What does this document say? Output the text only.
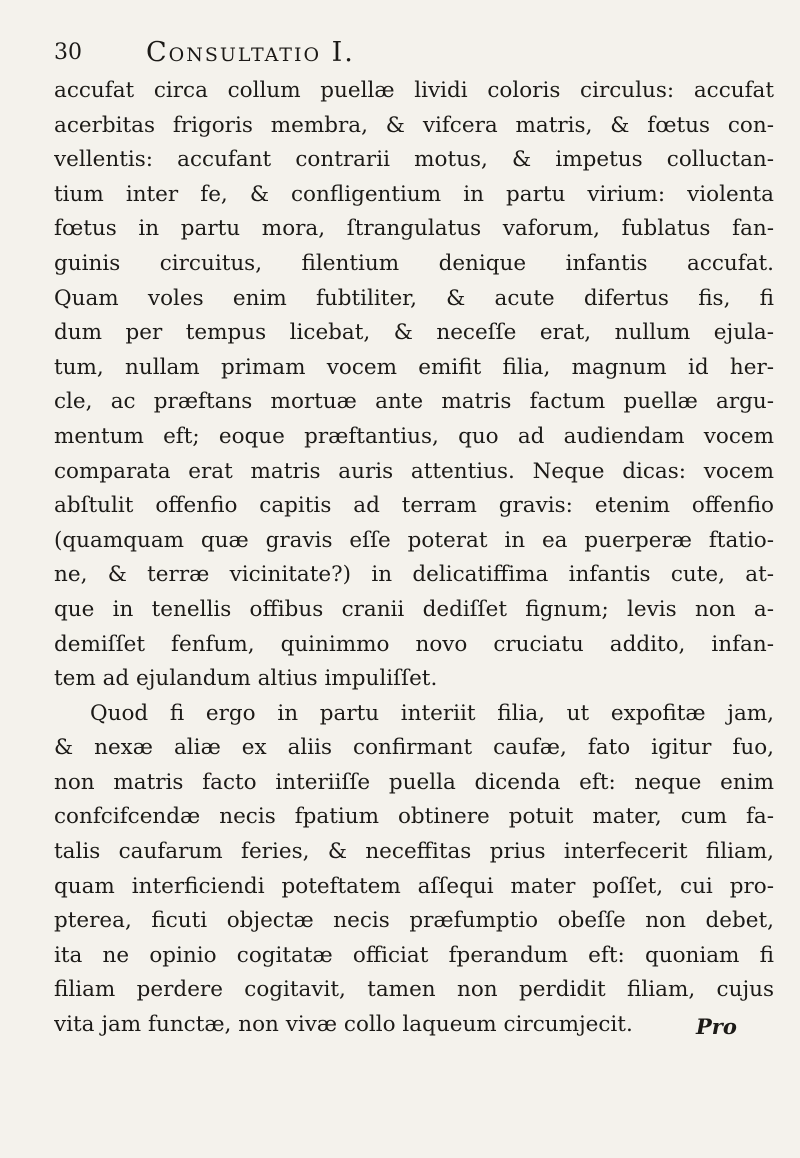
30 Consultatio I.
accufat circa collum puellæ lividi coloris circulus: accufat
acerbitas frigoris membra, & vifcera matris, & fœtus con-
vellentis: accufant contrarii motus, & impetus colluctan-
tium inter fe, & confligentium in partu virium: violenta
fœtus in partu mora, ſtrangulatus vaforum, fublatus fan-
guinis circuitus, filentium denique infantis accufat.
Quam voles enim fubtiliter, & acute difertus fis, fi
dum per tempus licebat, & neceſſe erat, nullum ejula-
tum, nullam primam vocem emifit filia, magnum id her-
cle, ac præftans mortuæ ante matris factum puellæ argu-
mentum eft; eoque præftantius, quo ad audiendam vocem
comparata erat matris auris attentius. Neque dicas: vocem
abſtulit offenfio capitis ad terram gravis: etenim offenfio
(quamquam quæ gravis eſſe poterat in ea puerperæ ftatio-
ne, & terræ vicinitate?) in delicatiffima infantis cute, at-
que in tenellis offibus cranii dediſſet fignum; levis non a-
demiſſet fenfum, quinimmo novo cruciatu addito, infan-
tem ad ejulandum altius impuliſſet.
Quod fi ergo in partu interiit filia, ut expofitæ jam,
& nexæ aliæ ex aliis confirmant caufæ, fato igitur fuo,
non matris facto interiiſſe puella dicenda eft: neque enim
confcifcendæ necis fpatium obtinere potuit mater, cum fa-
talis caufarum feries, & neceffitas prius interfecerit filiam,
quam interficiendi poteftatem aſſequi mater poſſet, cui pro-
pterea, ficuti objectæ necis præfumptio obeſſe non debet,
ita ne opinio cogitatæ officiat fperandum eft: quoniam fi
filiam perdere cogitavit, tamen non perdidit filiam, cujus
vita jam functæ, non vivæ collo laqueum circumjecit.	Pro
